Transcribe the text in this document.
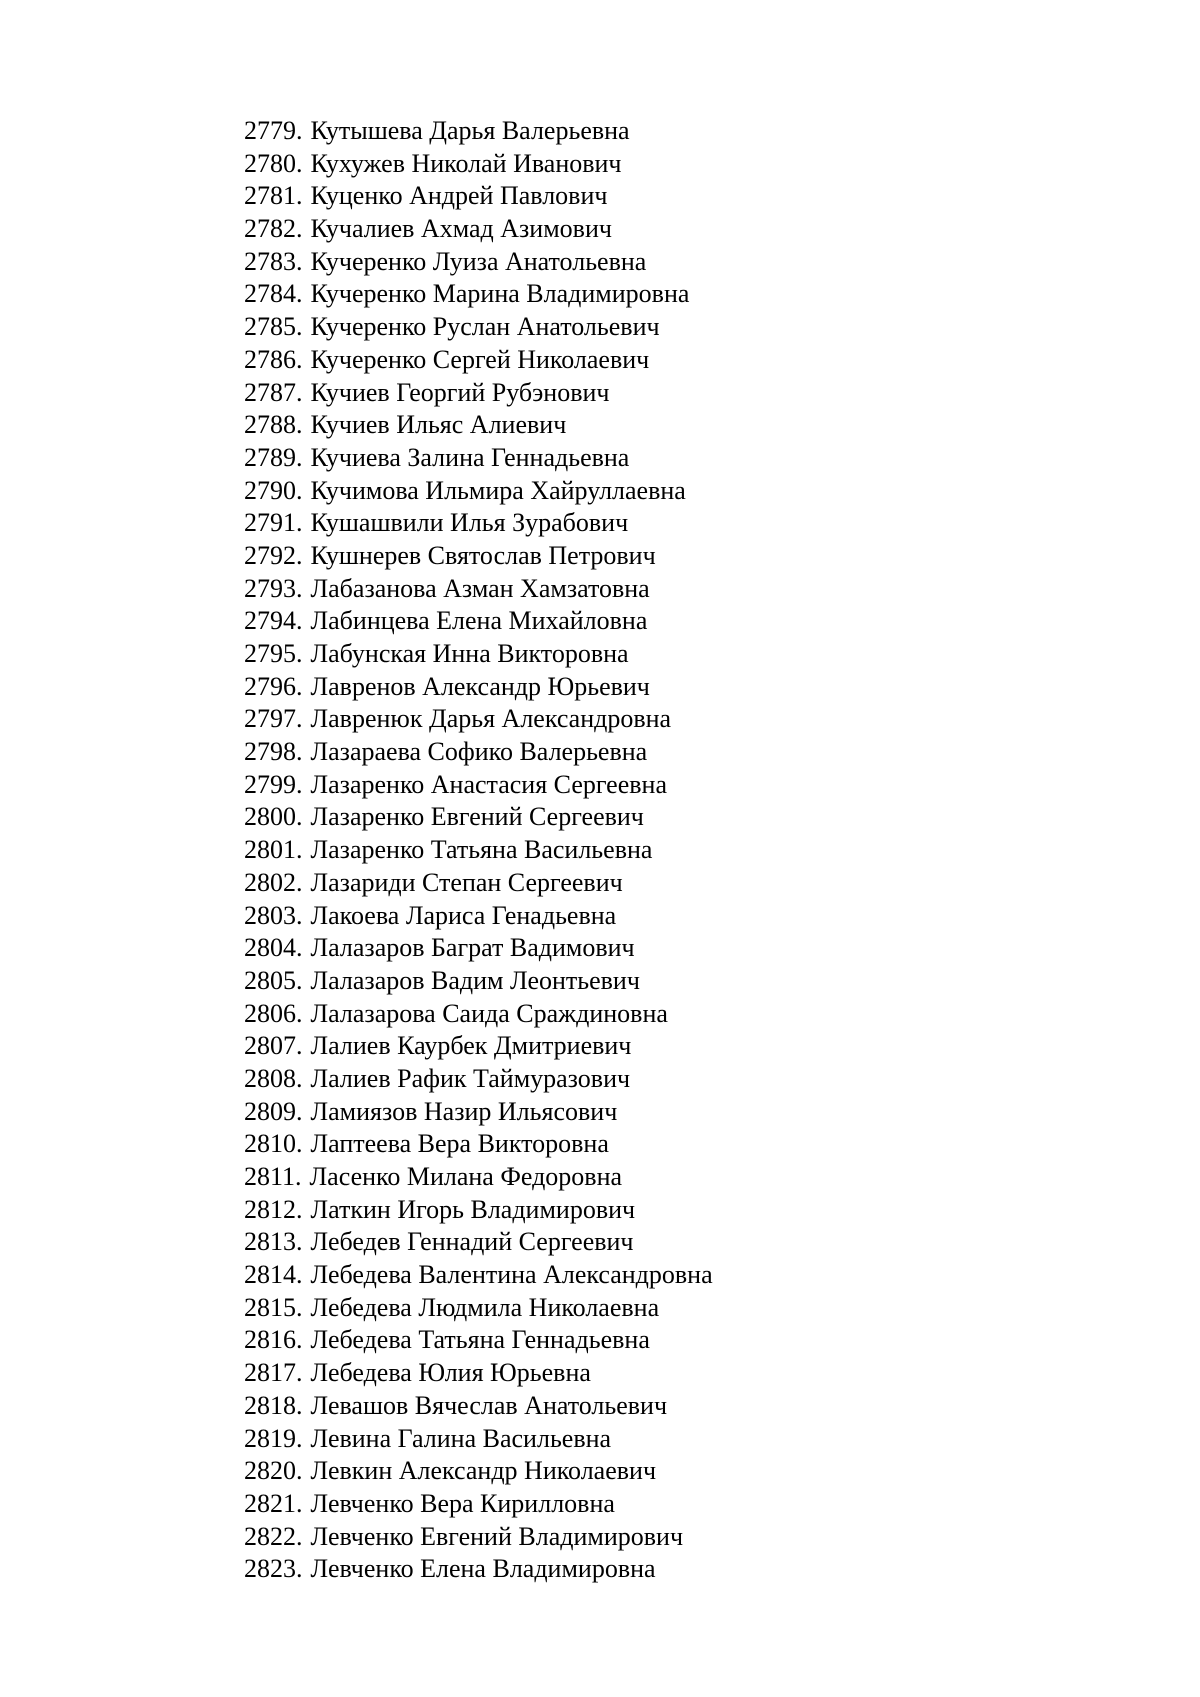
2779. Кутышева Дарья Валерьевна
2780. Кухужев Николай Иванович
2781. Куценко Андрей Павлович
2782. Кучалиев Ахмад Азимович
2783. Кучеренко Луиза Анатольевна
2784. Кучеренко Марина Владимировна
2785. Кучеренко Руслан Анатольевич
2786. Кучеренко Сергей Николаевич
2787. Кучиев Георгий Рубэнович
2788. Кучиев Ильяс Алиевич
2789. Кучиева Залина Геннадьевна
2790. Кучимова Ильмира Хайруллаевна
2791. Кушашвили Илья Зурабович
2792. Кушнерев Святослав Петрович
2793. Лабазанова Азман Хамзатовна
2794. Лабинцева Елена Михайловна
2795. Лабунская Инна Викторовна
2796. Лавренов Александр Юрьевич
2797. Лавренюк Дарья Александровна
2798. Лазараева Софико Валерьевна
2799. Лазаренко Анастасия Сергеевна
2800. Лазаренко Евгений Сергеевич
2801. Лазаренко Татьяна Васильевна
2802. Лазариди Степан Сергеевич
2803. Лакоева Лариса Генадьевна
2804. Лалазаров Баграт Вадимович
2805. Лалазаров Вадим Леонтьевич
2806. Лалазарова Саида Сраждиновна
2807. Лалиев Каурбек Дмитриевич
2808. Лалиев Рафик Таймуразович
2809. Ламиязов Назир Ильясович
2810. Лаптеева Вера Викторовна
2811. Ласенко Милана Федоровна
2812. Латкин Игорь Владимирович
2813. Лебедев Геннадий Сергеевич
2814. Лебедева Валентина Александровна
2815. Лебедева Людмила Николаевна
2816. Лебедева Татьяна Геннадьевна
2817. Лебедева Юлия Юрьевна
2818. Левашов Вячеслав Анатольевич
2819. Левина Галина Васильевна
2820. Левкин Александр Николаевич
2821. Левченко Вера Кирилловна
2822. Левченко Евгений Владимирович
2823. Левченко Елена Владимировна
